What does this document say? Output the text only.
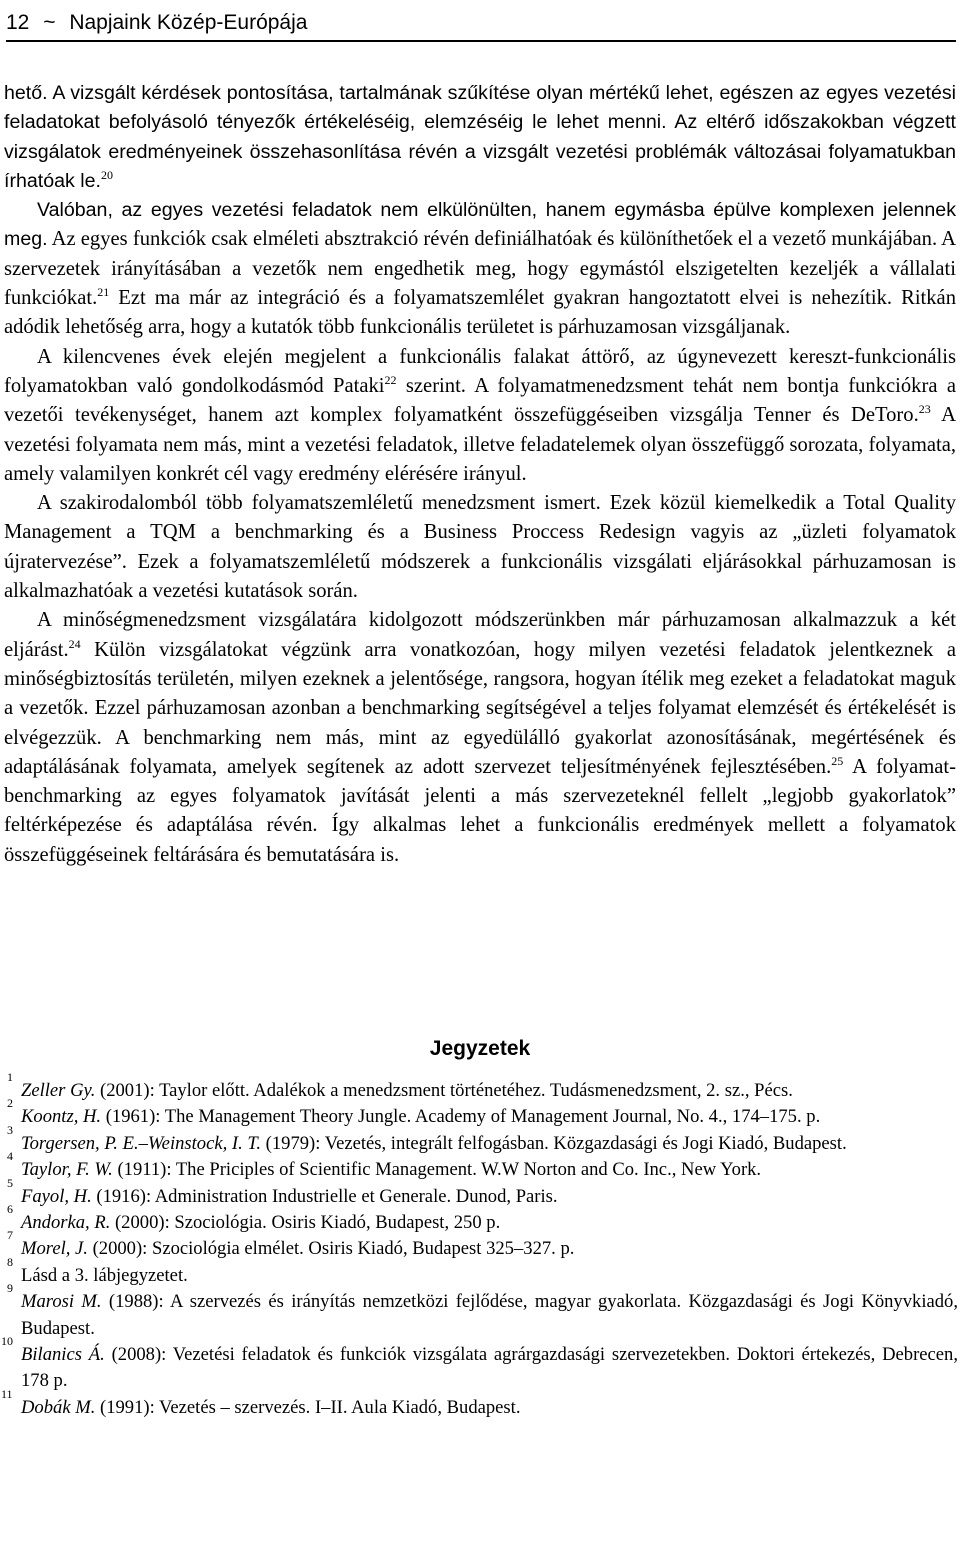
12 ~ Napjaink Közép-Európája

hető. A vizsgált kérdések pontosítása, tartalmának szűkítése olyan mértékű lehet, egészen az egyes vezetési feladatokat befolyásoló tényezők értékeléséig, elemzéséig le lehet menni. Az eltérő időszakokban végzett vizsgálatok eredményeinek összehasonlítása révén a vizsgált vezetési problémák változásai folyamatukban írhatóak le.$^{20}$

Valóban, az egyes vezetési feladatok nem elkülönülten, hanem egymásba épülve komplexen jelennek meg. Az egyes funkciók csak elméleti absztrakció révén definiálhatóak és különíthetőek el a vezető munkájában. A szervezetek irányításában a vezetők nem engedhetik meg, hogy egymástól elszigetelten kezeljék a vállalati funkciókat.$^{21}$ Ezt ma már az integráció és a folyamatszemlélet gyakran hangoztatott elvei is nehezítik. Ritkán adódik lehetőség arra, hogy a kutatók több funkcionális területet is párhuzamosan vizsgáljanak.

A kilencvenes évek elején megjelent a funkcionális falakat áttörő, az úgynevezett kereszt-funkcionális folyamatokban való gondolkodásmód Pataki$^{22}$ szerint. A folyamatmenedzsment tehát nem bontja funkciókra a vezetői tevékenységet, hanem azt komplex folyamatként összefüggéseiben vizsgálja Tenner és DeToro.$^{23}$ A vezetési folyamata nem más, mint a vezetési feladatok, illetve feladatelemek olyan összefüggő sorozata, folyamata, amely valamilyen konkrét cél vagy eredmény elérésére irányul.

A szakirodalomból több folyamatszemléletű menedzsment ismert. Ezek közül kiemelkedik a Total Quality Management a TQM a benchmarking és a Business Proccess Redesign vagyis az „üzleti folyamatok újratervezése”. Ezek a folyamatszemléletű módszerek a funkcionális vizsgálati eljárásokkal párhuzamosan is alkalmazhatóak a vezetési kutatások során.

A minőségmenedzsment vizsgálatára kidolgozott módszerünkben már párhuzamosan alkalmazzuk a két eljárást.$^{24}$ Külön vizsgálatokat végzünk arra vonatkozóan, hogy milyen vezetési feladatok jelentkeznek a minőségbiztosítás területén, milyen ezeknek a jelentősége, rangsora, hogyan ítélik meg ezeket a feladatokat maguk a vezetők. Ezzel párhuzamosan azonban a benchmarking segítségével a teljes folyamat elemzését és értékelését is elvégezzük. A benchmarking nem más, mint az egyedülálló gyakorlat azonosításának, megértésének és adaptálásának folyamata, amelyek segítenek az adott szervezet teljesítményének fejlesztésében.$^{25}$ A folyamat-benchmarking az egyes folyamatok javítását jelenti a más szervezeteknél fellelt „legjobb gyakorlatok” feltérképezése és adaptálása révén. Így alkalmas lehet a funkcionális eredmények mellett a folyamatok összefüggéseinek feltárására és bemutatására is.

Jegyzetek
1
Zeller Gy. (2001): Taylor előtt. Adalékok a menedzsment történetéhez. Tudásmenedzsment, 2. sz., Pécs.
2
Koontz, H. (1961): The Management Theory Jungle. Academy of Management Journal, No. 4., 174–175. p.
3
Torgersen, P. E.–Weinstock, I. T. (1979): Vezetés, integrált felfogásban. Közgazdasági és Jogi Kiadó, Budapest.
4
Taylor, F. W. (1911): The Priciples of Scientific Management. W.W Norton and Co. Inc., New York.
5
Fayol, H. (1916): Administration Industrielle et Generale. Dunod, Paris.
6
Andorka, R. (2000): Szociológia. Osiris Kiadó, Budapest, 250 p.
7
Morel, J. (2000): Szociológia elmélet. Osiris Kiadó, Budapest 325–327. p.
8
Lásd a 3. lábjegyzetet.
9
Marosi M. (1988): A szervezés és irányítás nemzetközi fejlődése, magyar gyakorlata. Közgazdasági és Jogi Könyvkiadó, Budapest.
10
Bilanics Á. (2008): Vezetési feladatok és funkciók vizsgálata agrárgazdasági szervezetekben. Doktori értekezés, Debrecen, 178 p.
11
Dobák M. (1991): Vezetés – szervezés. I–II. Aula Kiadó, Budapest.
